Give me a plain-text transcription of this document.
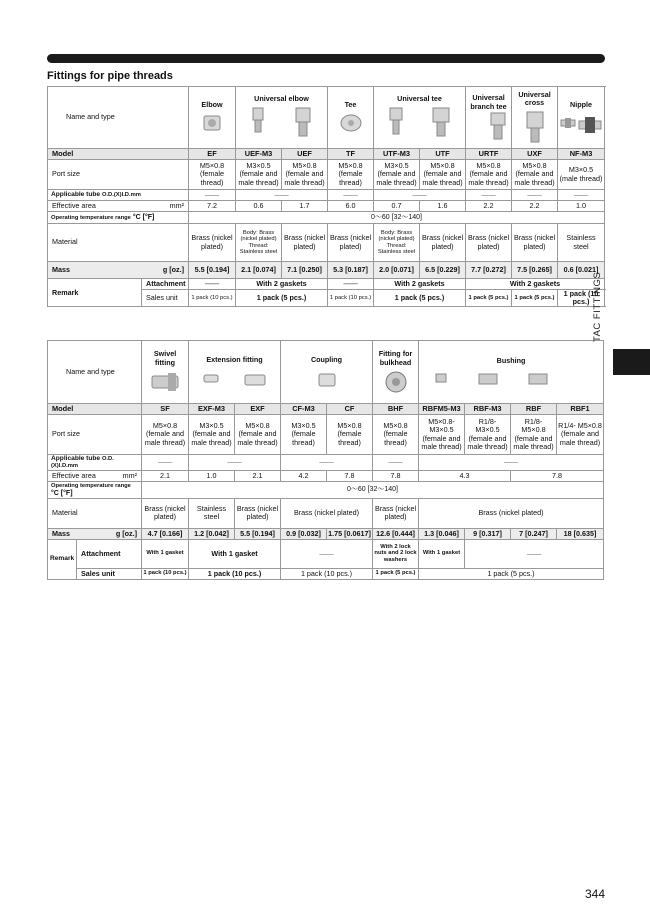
Fittings for pipe threads
Name and type		Elbow	Universal elbow		Tee	Universal tee		Universal branch tee	Universal cross	Nipple	

Model		EF	UEF-M3	UEF	TF	UTF-M3	UTF	URTF	UXF	NF-M3	
Port size		M5×0.8 (female thread)	M3×0.5 (female and male thread)	M5×0.8 (female and male thread)	M5×0.8 (female thread)	M3×0.5 (female and male thread)	M5×0.8 (female and male thread)	M5×0.8 (female and male thread)	M5×0.8 (female and male thread)	M3×0.5 (male thread)	
Applicable tube O.D.(X)I.D.mm		——	——		——	——		——	——	——	
Effective area mm²		7.2	0.6	1.7	6.0	0.7	1.6	2.2	2.2	1.0	
Operating temperature range °C [°F]		0～60 [32～140]									
Material		Brass (nickel plated)	Body: Brass (nickel plated) Thread: Stainless steel	Brass (nickel plated)	Brass (nickel plated)	Body: Brass (nickel plated) Thread: Stainless steel	Brass (nickel plated)	Brass (nickel plated)	Brass (nickel plated)	Stainless steel	
Mass g [oz.]		5.5 [0.194]	2.1 [0.074]	7.1 [0.250]	5.3 [0.187]	2.0 [0.071]	6.5 [0.229]	7.7 [0.272]	7.5 [0.265]	0.6 [0.021]	
Remark	Attachment	——	With 2 gaskets		——	With 2 gaskets		With 2 gaskets			
	Sales unit	1 pack (10 pcs.)	1 pack (5 pcs.)		1 pack (10 pcs.)	1 pack (5 pcs.)		1 pack (5 pcs.)	1 pack (5 pcs.)	1 pack (10 pcs.)	
Name and type		Swivel fitting	Extension fitting		Coupling		Fitting for bulkhead	Bushing			

Model		SF	EXF-M3	EXF	CF-M3	CF	BHF	RBFM5-M3	RBF-M3	RBF	RBF1
Port size		M5×0.8 (female and male thread)	M3×0.5 (female and male thread)	M5×0.8 (female and male thread)	M3×0.5 (female thread)	M5×0.8 (female thread)	M5×0.8 (female thread)	M5×0.8- M3×0.5 (female and male thread)	R1/8- M3×0.5 (female and male thread)	R1/8- M5×0.8 (female and male thread)	R1/4- M5×0.8 (female and male thread)
Applicable tube O.D.(X)I.D.mm		——	——		——		——	——			
Effective area mm²		2.1	1.0	2.1	4.2	7.8	7.8	4.3		7.8	
Operating temperature range °C [°F]		0～60 [32～140]									
Material		Brass (nickel plated)	Stainless steel	Brass (nickel plated)	Brass (nickel plated)		Brass (nickel plated)	Brass (nickel plated)			
Mass g [oz.]		4.7 [0.166]	1.2 [0.042]	5.5 [0.194]	0.9 [0.032]	1.75 [0.0617]	12.6 [0.444]	1.3 [0.046]	9 [0.317]	7 [0.247]	18 [0.635]
Remark	Attachment	With 1 gasket	With 1 gasket		——		With 2 lock nuts and 2 lock washers	With 1 gasket	——		
	Sales unit	1 pack (10 pcs.)	1 pack (10 pcs.)		1 pack (10 pcs.)		1 pack (5 pcs.)	1 pack (5 pcs.)			
TAC FITTINGS
344
